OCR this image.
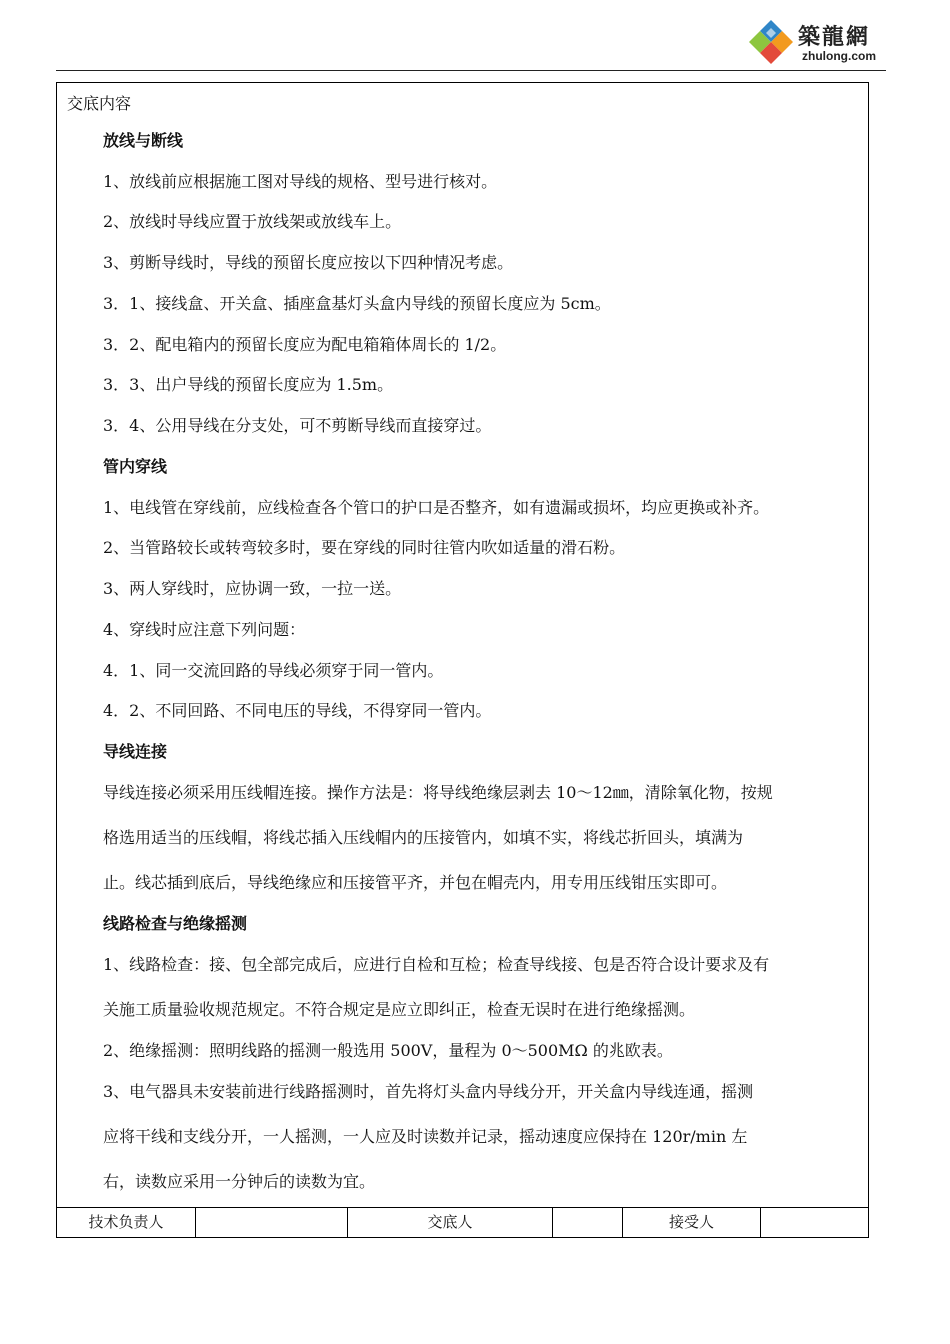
築龍網
zhulong.com
交底内容
放线与断线
1、放线前应根据施工图对导线的规格、型号进行核对。
2、放线时导线应置于放线架或放线车上。
3、剪断导线时，导线的预留长度应按以下四种情况考虑。
3．1、接线盒、开关盒、插座盒基灯头盒内导线的预留长度应为 5cm。
3．2、配电箱内的预留长度应为配电箱箱体周长的 1/2。
3．3、出户导线的预留长度应为 1.5m。
3．4、公用导线在分支处，可不剪断导线而直接穿过。
管内穿线
1、电线管在穿线前，应线检查各个管口的护口是否整齐，如有遗漏或损坏，均应更换或补齐。
2、当管路较长或转弯较多时，要在穿线的同时往管内吹如适量的滑石粉。
3、两人穿线时，应协调一致，一拉一送。
4、穿线时应注意下列问题：
4．1、同一交流回路的导线必须穿于同一管内。
4．2、不同回路、不同电压的导线，不得穿同一管内。
导线连接
导线连接必须采用压线帽连接。操作方法是：将导线绝缘层剥去 10～12㎜，清除氧化物，按规
格选用适当的压线帽，将线芯插入压线帽内的压接管内，如填不实，将线芯折回头，填满为
止。线芯插到底后，导线绝缘应和压接管平齐，并包在帽壳内，用专用压线钳压实即可。
线路检查与绝缘摇测
1、线路检查：接、包全部完成后，应进行自检和互检；检查导线接、包是否符合设计要求及有
关施工质量验收规范规定。不符合规定是应立即纠正，检查无误时在进行绝缘摇测。
2、绝缘摇测：照明线路的摇测一般选用 500V，量程为 0～500MΩ 的兆欧表。
3、电气器具未安装前进行线路摇测时，首先将灯头盒内导线分开，开关盒内导线连通，摇测
应将干线和支线分开，一人摇测，一人应及时读数并记录，摇动速度应保持在 120r/min 左
右，读数应采用一分钟后的读数为宜。
技术负责人	交底人	接受人
